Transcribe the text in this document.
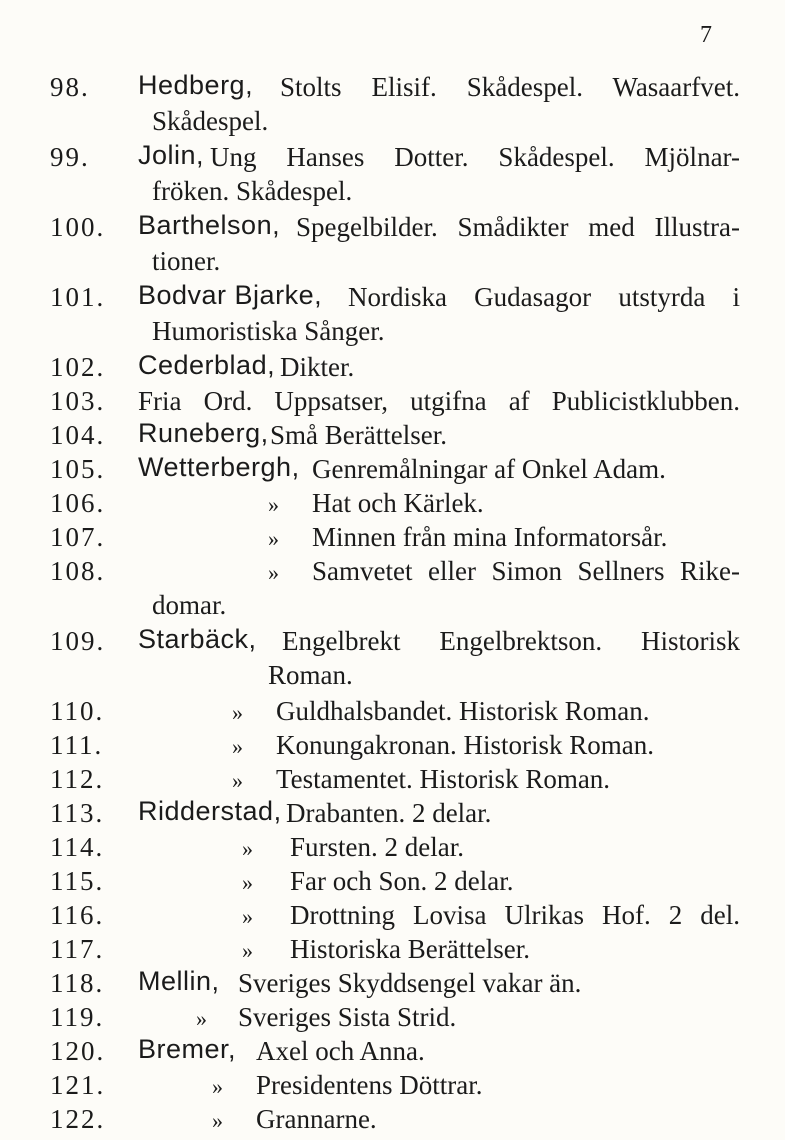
7
98. Hedberg, Stolts Elisif. Skådespel. Wasaarfvet.
Skådespel.
99. Jolin, Ung Hanses Dotter. Skådespel. Mjölnar-
fröken. Skådespel.
100. Barthelson, Spegelbilder. Smådikter med Illustra-
tioner.
101. Bodvar Bjarke, Nordiska Gudasagor utstyrda i
Humoristiska Sånger.
102. Cederblad, Dikter.
103. Fria Ord. Uppsatser, utgifna af Publicistklubben.
104. Runeberg, Små Berättelser.
105. Wetterbergh, Genremålningar af Onkel Adam.
106.	» Hat och Kärlek.
107.	» Minnen från mina Informatorsår.
108.	» Samvetet eller Simon Sellners Rike-
domar.
109. Starbäck, Engelbrekt Engelbrektson. Historisk
Roman.
110.	» Guldhalsbandet. Historisk Roman.
111.	» Konungakronan. Historisk Roman.
112.	» Testamentet. Historisk Roman.
113. Ridderstad, Drabanten. 2 delar.
114.	» Fursten. 2 delar.
115.	» Far och Son. 2 delar.
116.	» Drottning Lovisa Ulrikas Hof. 2 del.
117.	» Historiska Berättelser.
118. Mellin, Sveriges Skyddsengel vakar än.
119.	» Sveriges Sista Strid.
120. Bremer, Axel och Anna.
121.	» Presidentens Döttrar.
122.	» Grannarne.
